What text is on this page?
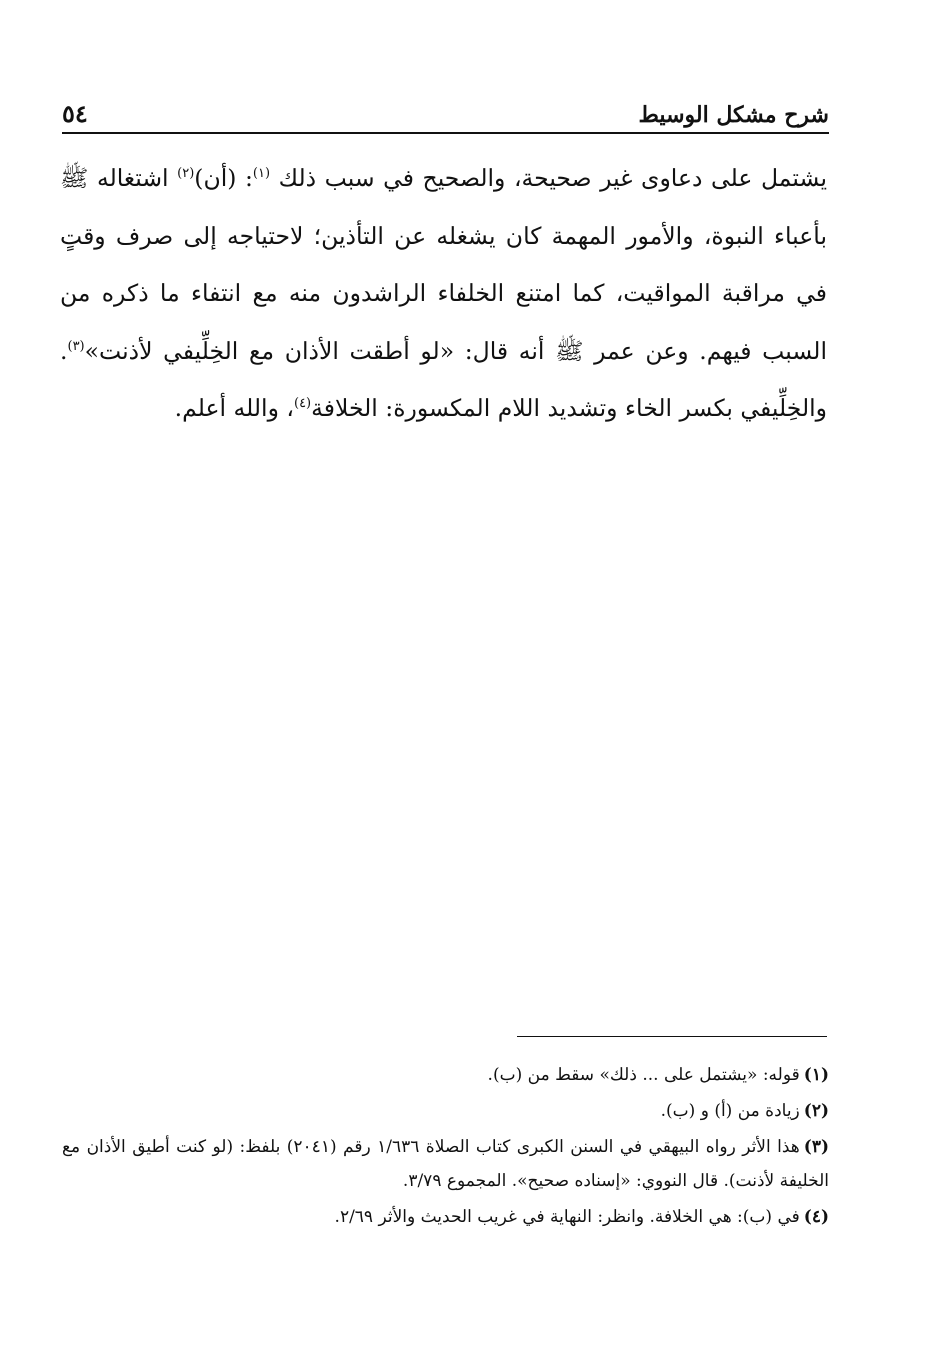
شرح مشكل الوسيط
٥٤

يشتمل على دعاوى غير صحيحة، والصحيح في سبب ذلك $^{(١)}$: (أن)$^{(٢)}$ اشتغاله ﷺ بأعباء النبوة، والأمور المهمة كان يشغله عن التأذين؛ لاحتياجه إلى صرف وقتٍ في مراقبة المواقيت، كما امتنع الخلفاء الراشدون منه مع انتفاء ما ذكره من السبب فيهم. وعن عمر ﷺ أنه قال: «لو أطقت الأذان مع الخِلِّيفي لأذنت»$^{(٣)}$. والخِلِّيفي بكسر الخاء وتشديد اللام المكسورة: الخلافة$^{(٤)}$، والله أعلم.

(١)قوله: «يشتمل على ... ذلك» سقط من (ب).

(٢)زيادة من (أ) و (ب).

(٣)هذا الأثر رواه البيهقي في السنن الكبرى كتاب الصلاة ١/٦٣٦ رقم (٢٠٤١) بلفظ: (لو كنت أطيق الأذان مع الخليفة لأذنت). قال النووي: «إسناده صحيح». المجموع ٣/٧٩.

(٤)في (ب): هي الخلافة. وانظر: النهاية في غريب الحديث والأثر ٢/٦٩.
